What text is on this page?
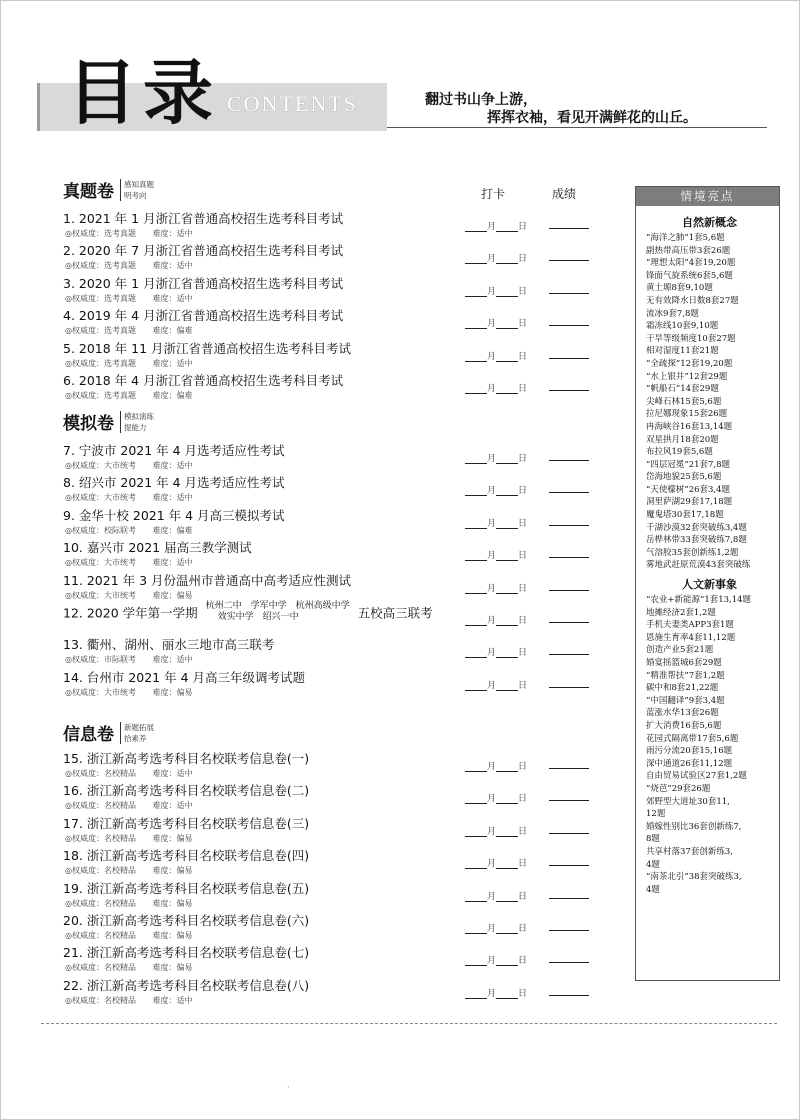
目录 CONTENTS	翻过书山争上游，
挥挥衣袖，看见开满鲜花的山丘。
打卡	成绩
真题卷	感知真题
明考向
1. 2021 年 1 月浙江省普通高校招生选考科目考试
◎权威度：选考真题 难度：适中
月 日
2. 2020 年 7 月浙江省普通高校招生选考科目考试
◎权威度：选考真题 难度：适中
月 日
3. 2020 年 1 月浙江省普通高校招生选考科目考试
◎权威度：选考真题 难度：适中
月 日
4. 2019 年 4 月浙江省普通高校招生选考科目考试
◎权威度：选考真题 难度：偏难
月 日
5. 2018 年 11 月浙江省普通高校招生选考科目考试
◎权威度：选考真题 难度：适中
月 日
6. 2018 年 4 月浙江省普通高校招生选考科目考试
◎权威度：选考真题 难度：偏难
月 日
模拟卷	模拟演练
提能力
7. 宁波市 2021 年 4 月选考适应性考试
◎权威度：大市统考 难度：适中
月 日
8. 绍兴市 2021 年 4 月选考适应性考试
◎权威度：大市统考 难度：适中
月 日
9. 金华十校 2021 年 4 月高三模拟考试
◎权威度：校际联考 难度：偏难
月 日
10. 嘉兴市 2021 届高三教学测试
◎权威度：大市统考 难度：适中
月 日
11. 2021 年 3 月份温州市普通高中高考适应性测试
◎权威度：大市统考 难度：偏易
月 日
12. 2020 学年第一学期 杭州二中　学军中学　杭州高级中学
效实中学　绍兴一中	五校高三联考
月 日
13. 衢州、湖州、丽水三地市高三联考
◎权威度：市际联考 难度：适中
月 日
14. 台州市 2021 年 4 月高三年级调考试题
◎权威度：大市统考 难度：偏易
月 日
信息卷	新题拓展
拾素养
15. 浙江新高考选考科目名校联考信息卷(一)
◎权威度：名校精品 难度：适中
月 日
16. 浙江新高考选考科目名校联考信息卷(二)
◎权威度：名校精品 难度：适中
月 日
17. 浙江新高考选考科目名校联考信息卷(三)
◎权威度：名校精品 难度：偏易
月 日
18. 浙江新高考选考科目名校联考信息卷(四)
◎权威度：名校精品 难度：偏易
月 日
19. 浙江新高考选考科目名校联考信息卷(五)
◎权威度：名校精品 难度：偏易
月 日
20. 浙江新高考选考科目名校联考信息卷(六)
◎权威度：名校精品 难度：偏易
月 日
21. 浙江新高考选考科目名校联考信息卷(七)
◎权威度：名校精品 难度：偏易
月 日
22. 浙江新高考选考科目名校联考信息卷(八)
◎权威度：名校精品 难度：适中
月 日
情境亮点
自然新概念
“海洋之肺”1套5,6题
副热带高压带3套26题
“理想太阳”4套19,20题
锋面气旋系统6套5,6题
黄土塬8套9,10题
无有效降水日数8套27题
流冰9套7,8题
霜冻线10套9,10题
干旱等级频度10套27题
相对湿度11套21题
“全疏探”12套19,20题
“水上银井”12套29题
“帆船石”14套29题
尖峰石林15套5,6题
拉尼娜现象15套26题
冉海峡谷16套13,14题
双星拱月18套20题
布拉风19套5,6题
“四层冠冕”21套7,8题
岱海地貌25套5,6题
“天使檬树”26套3,4题
洞里萨湖29套17,18题
魔鬼塔30套17,18题
千湖沙漠32套突破练3,4题
岳桦林带33套突破练7,8题
气溶胶35套创新练1,2题
雾地武赶原荒漠43套突破练
人文新事象
“农业+新能源”1套13,14题
地摊经济2套1,2题
手机夫妻类APP3套1题
恩施生育率4套11,12题
创造产业5套21题
婚宴摇篮城6套29题
“精准帮扶”7套1,2题
碳中和8套21,22题
“中国翻译”9套3,4题
蓝涨水华13套26题
扩大消费16套5,6题
花园式隔离带17套5,6题
雨污分流20套15,16题
深中通道26套11,12题
自由贸易试验区27套1,2题
“烧芭”29套26题
郊野型大道址30套11,
12题
婚嫁性别比36套创新练7,
8题
共享村落37套创新练3,
4题
“南茶北引”38套突破练3,
4题
·
